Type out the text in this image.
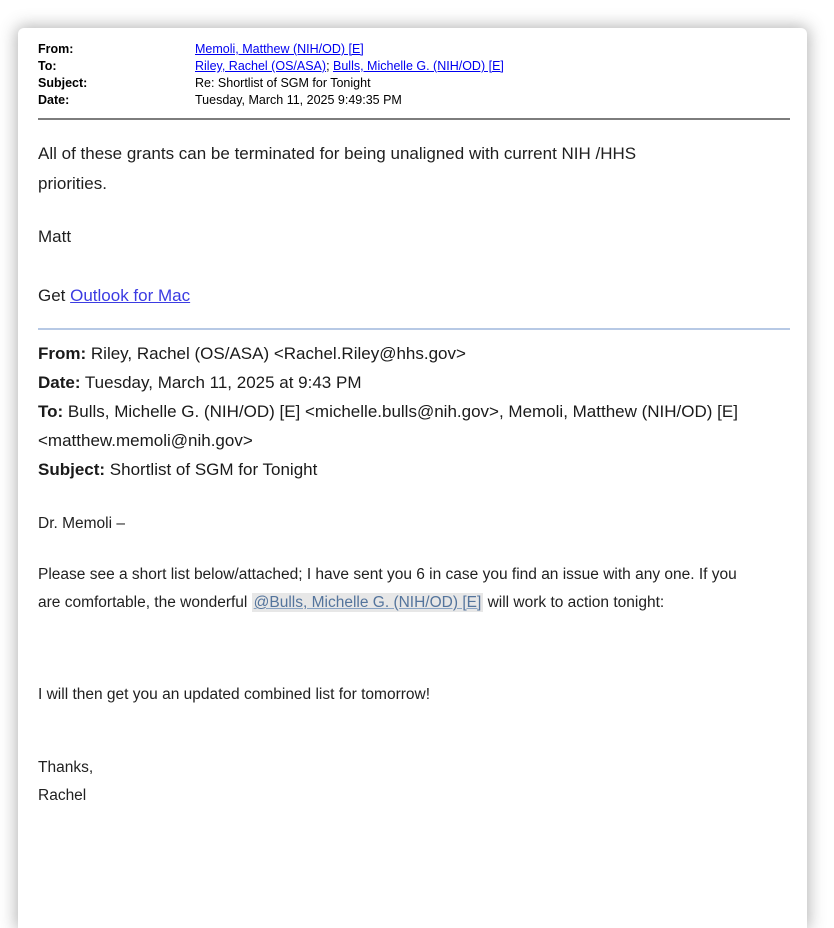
From:	Memoli, Matthew (NIH/OD) [E]
To:	Riley, Rachel (OS/ASA); Bulls, Michelle G. (NIH/OD) [E]
Subject:	Re: Shortlist of SGM for Tonight
Date:	Tuesday, March 11, 2025 9:49:35 PM
All of these grants can be terminated for being unaligned with current NIH /HHS
priorities.
Matt
Get Outlook for Mac
From: Riley, Rachel (OS/ASA) <Rachel.Riley@hhs.gov>
Date: Tuesday, March 11, 2025 at 9:43 PM
To: Bulls, Michelle G. (NIH/OD) [E] <michelle.bulls@nih.gov>, Memoli, Matthew (NIH/OD) [E] <matthew.memoli@nih.gov>
Subject: Shortlist of SGM for Tonight
Dr. Memoli –
Please see a short list below/attached; I have sent you 6 in case you find an issue with any one. If you
are comfortable, the wonderful @Bulls, Michelle G. (NIH/OD) [E] will work to action tonight:
I will then get you an updated combined list for tomorrow!
Thanks,
Rachel
